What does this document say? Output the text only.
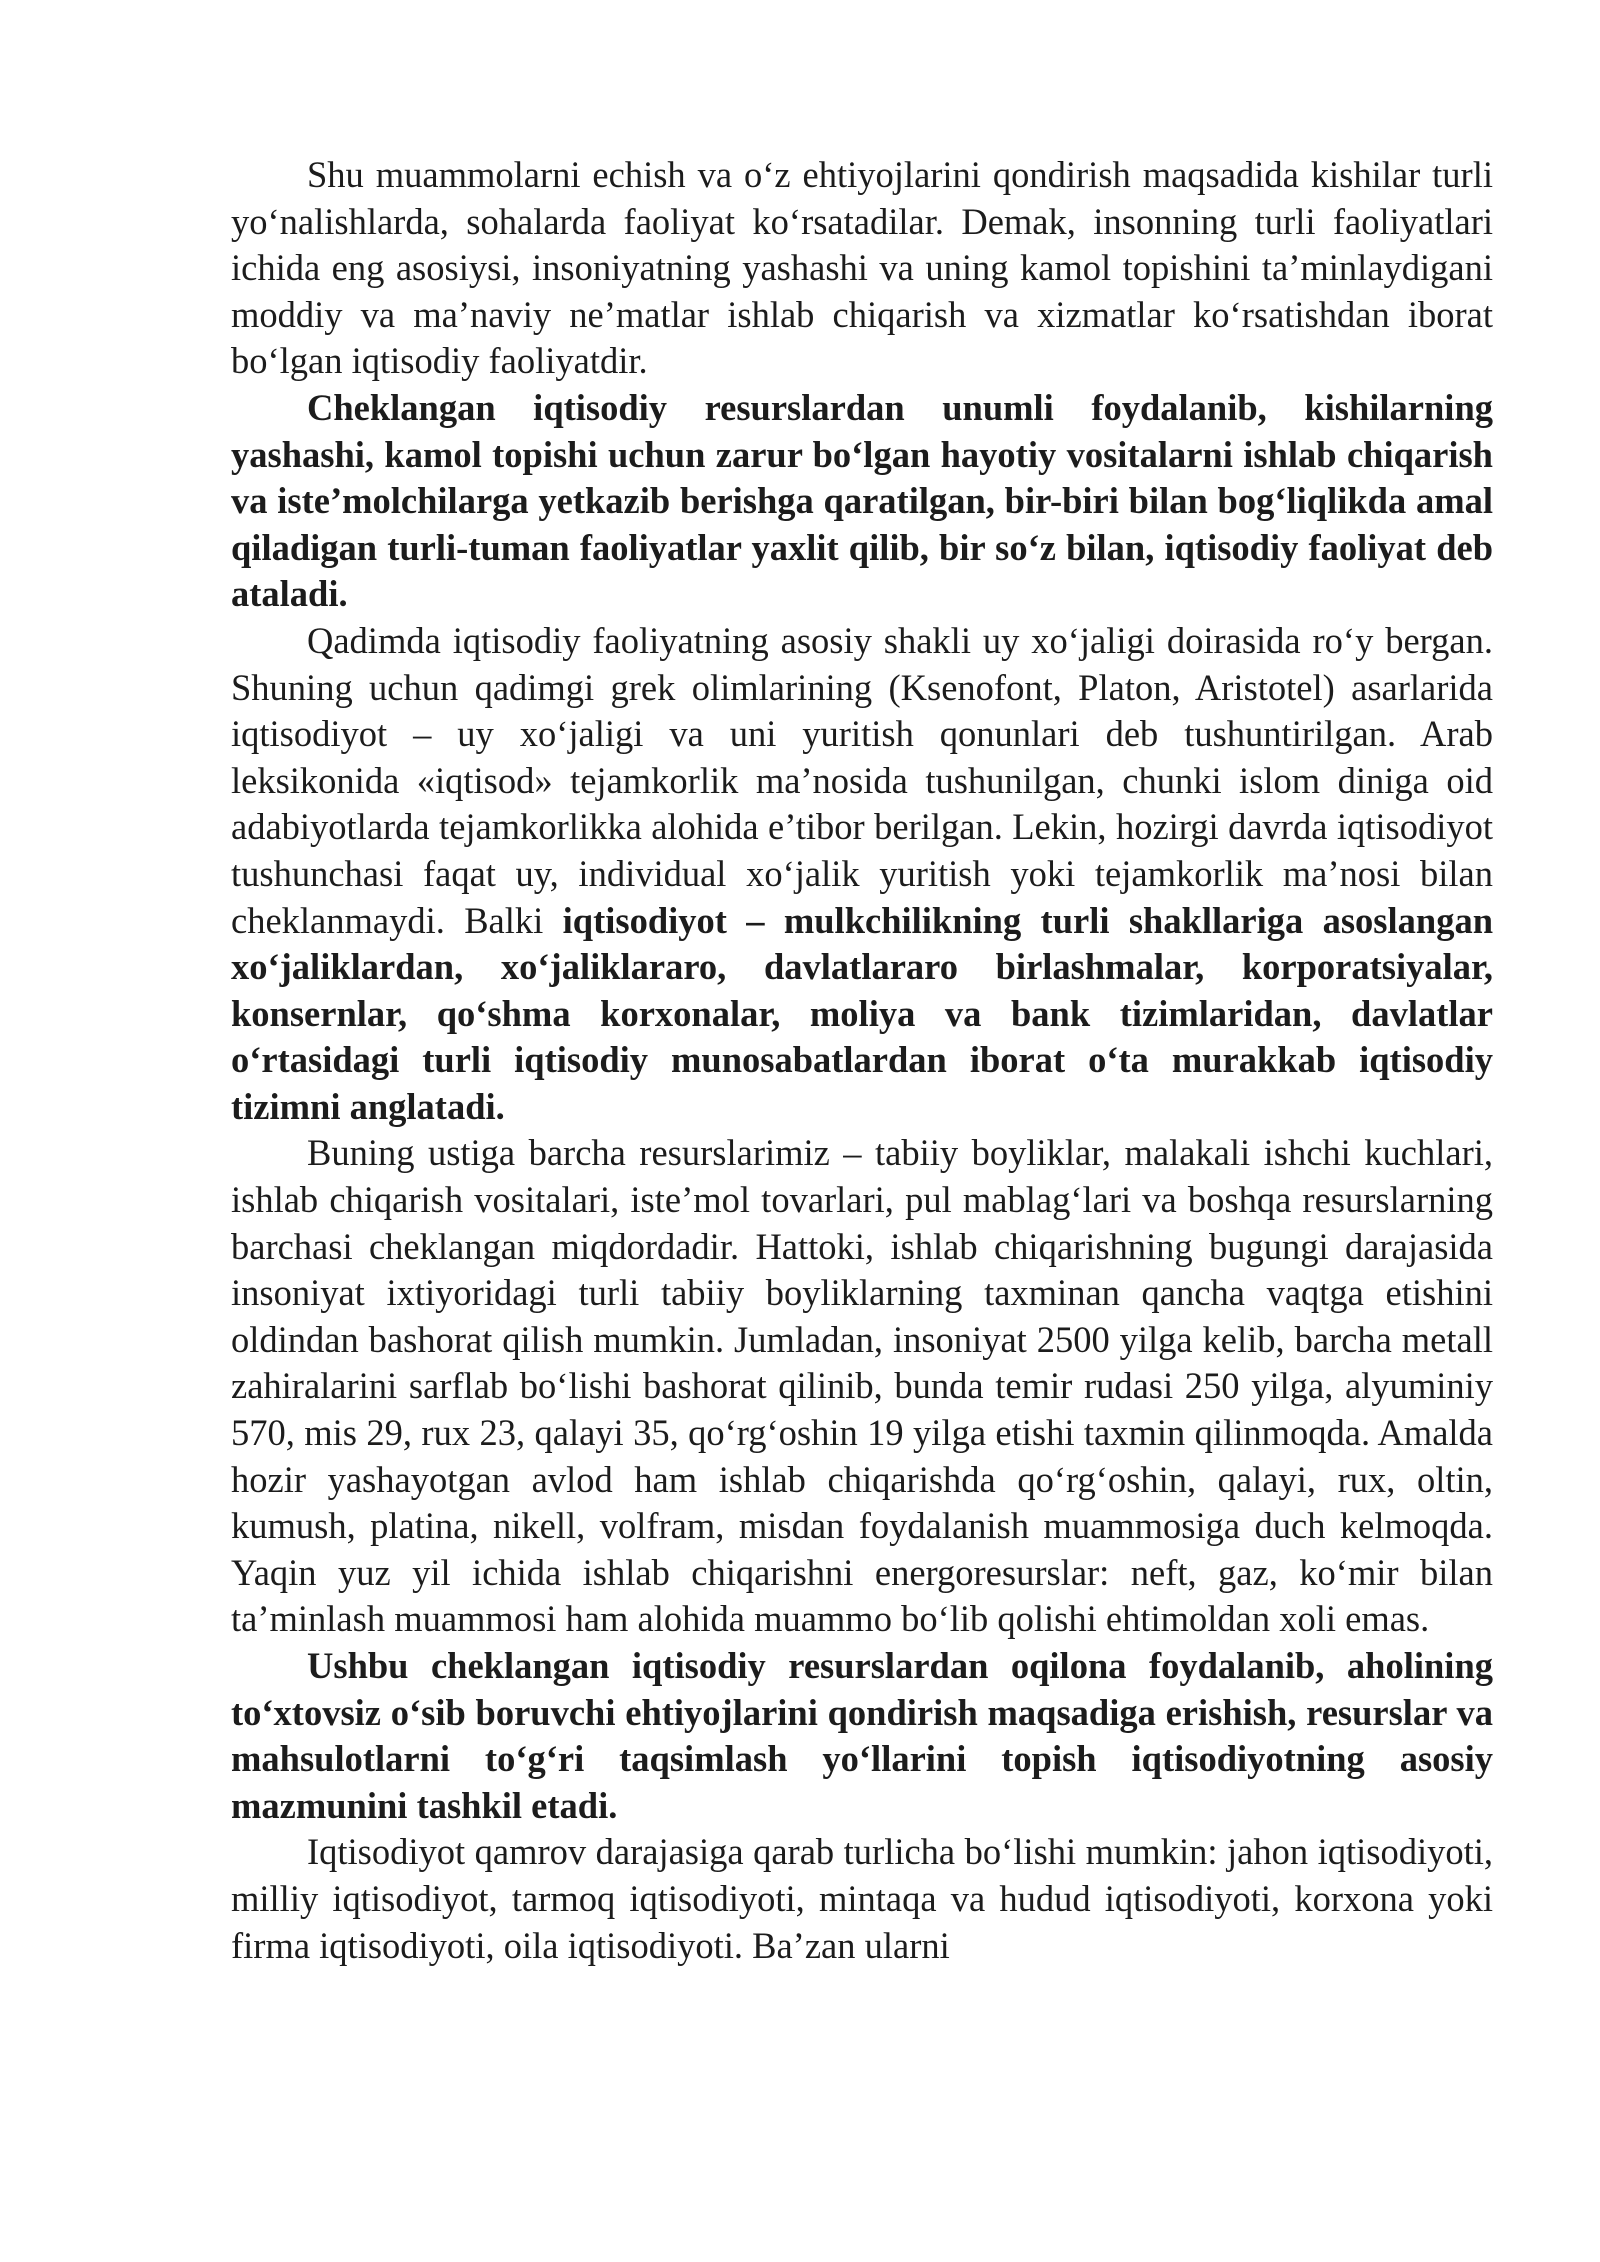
Shu muammolarni echish va o‘z ehtiyojlarini qondirish maqsadida kishilar turli yo‘nalishlarda, sohalarda faoliyat ko‘rsatadilar. Demak, insonning turli faoliyatlari ichida eng asosiysi, insoniyatning yashashi va uning kamol topishini ta’minlaydigani moddiy va ma’naviy ne’matlar ishlab chiqarish va xizmatlar ko‘rsatishdan iborat bo‘lgan iqtisodiy faoliyatdir.

Cheklangan iqtisodiy resurslardan unumli foydalanib, kishilarning yashashi, kamol topishi uchun zarur bo‘lgan hayotiy vositalarni ishlab chiqarish va iste’molchilarga yetkazib berishga qaratilgan, bir-biri bilan bog‘liqlikda amal qiladigan turli-tuman faoliyatlar yaxlit qilib, bir so‘z bilan, iqtisodiy faoliyat deb ataladi.

Qadimda iqtisodiy faoliyatning asosiy shakli uy xo‘jaligi doirasida ro‘y bergan. Shuning uchun qadimgi grek olimlarining (Ksenofont, Platon, Aristotel) asarlarida iqtisodiyot – uy xo‘jaligi va uni yuritish qonunlari deb tushuntirilgan. Arab leksikonida «iqtisod» tejamkorlik ma’nosida tushunilgan, chunki islom diniga oid adabiyotlarda tejamkorlikka alohida e’tibor berilgan. Lekin, hozirgi davrda iqtisodiyot tushunchasi faqat uy, individual xo‘jalik yuritish yoki tejamkorlik ma’nosi bilan cheklanmaydi. Balki iqtisodiyot – mulkchilikning turli shakllariga asoslangan xo‘jaliklardan, xo‘jaliklararo, davlatlararo birlashmalar, korporatsiyalar, konsernlar, qo‘shma korxonalar, moliya va bank tizimlaridan, davlatlar o‘rtasidagi turli iqtisodiy munosabatlardan iborat o‘ta murakkab iqtisodiy tizimni anglatadi.

Buning ustiga barcha resurslarimiz – tabiiy boyliklar, malakali ishchi kuchlari, ishlab chiqarish vositalari, iste’mol tovarlari, pul mablag‘lari va boshqa resurslarning barchasi cheklangan miqdordadir. Hattoki, ishlab chiqarishning bugungi darajasida insoniyat ixtiyoridagi turli tabiiy boyliklarning taxminan qancha vaqtga etishini oldindan bashorat qilish mumkin. Jumladan, insoniyat 2500 yilga kelib, barcha metall zahiralarini sarflab bo‘lishi bashorat qilinib, bunda temir rudasi 250 yilga, alyuminiy 570, mis 29, rux 23, qalayi 35, qo‘rg‘oshin 19 yilga etishi taxmin qilinmoqda. Amalda hozir yashayotgan avlod ham ishlab chiqarishda qo‘rg‘oshin, qalayi, rux, oltin, kumush, platina, nikell, volfram, misdan foydalanish muammosiga duch kelmoqda. Yaqin yuz yil ichida ishlab chiqarishni energoresurslar: neft, gaz, ko‘mir bilan ta’minlash muammosi ham alohida muammo bo‘lib qolishi ehtimoldan xoli emas.

Ushbu cheklangan iqtisodiy resurslardan oqilona foydalanib, aholining to‘xtovsiz o‘sib boruvchi ehtiyojlarini qondirish maqsadiga erishish, resurslar va mahsulotlarni to‘g‘ri taqsimlash yo‘llarini topish iqtisodiyotning asosiy mazmunini tashkil etadi.

Iqtisodiyot qamrov darajasiga qarab turlicha bo‘lishi mumkin: jahon iqtisodiyoti, milliy iqtisodiyot, tarmoq iqtisodiyoti, mintaqa va hudud iqtisodiyoti, korxona yoki firma iqtisodiyoti, oila iqtisodiyoti. Ba’zan ularni
